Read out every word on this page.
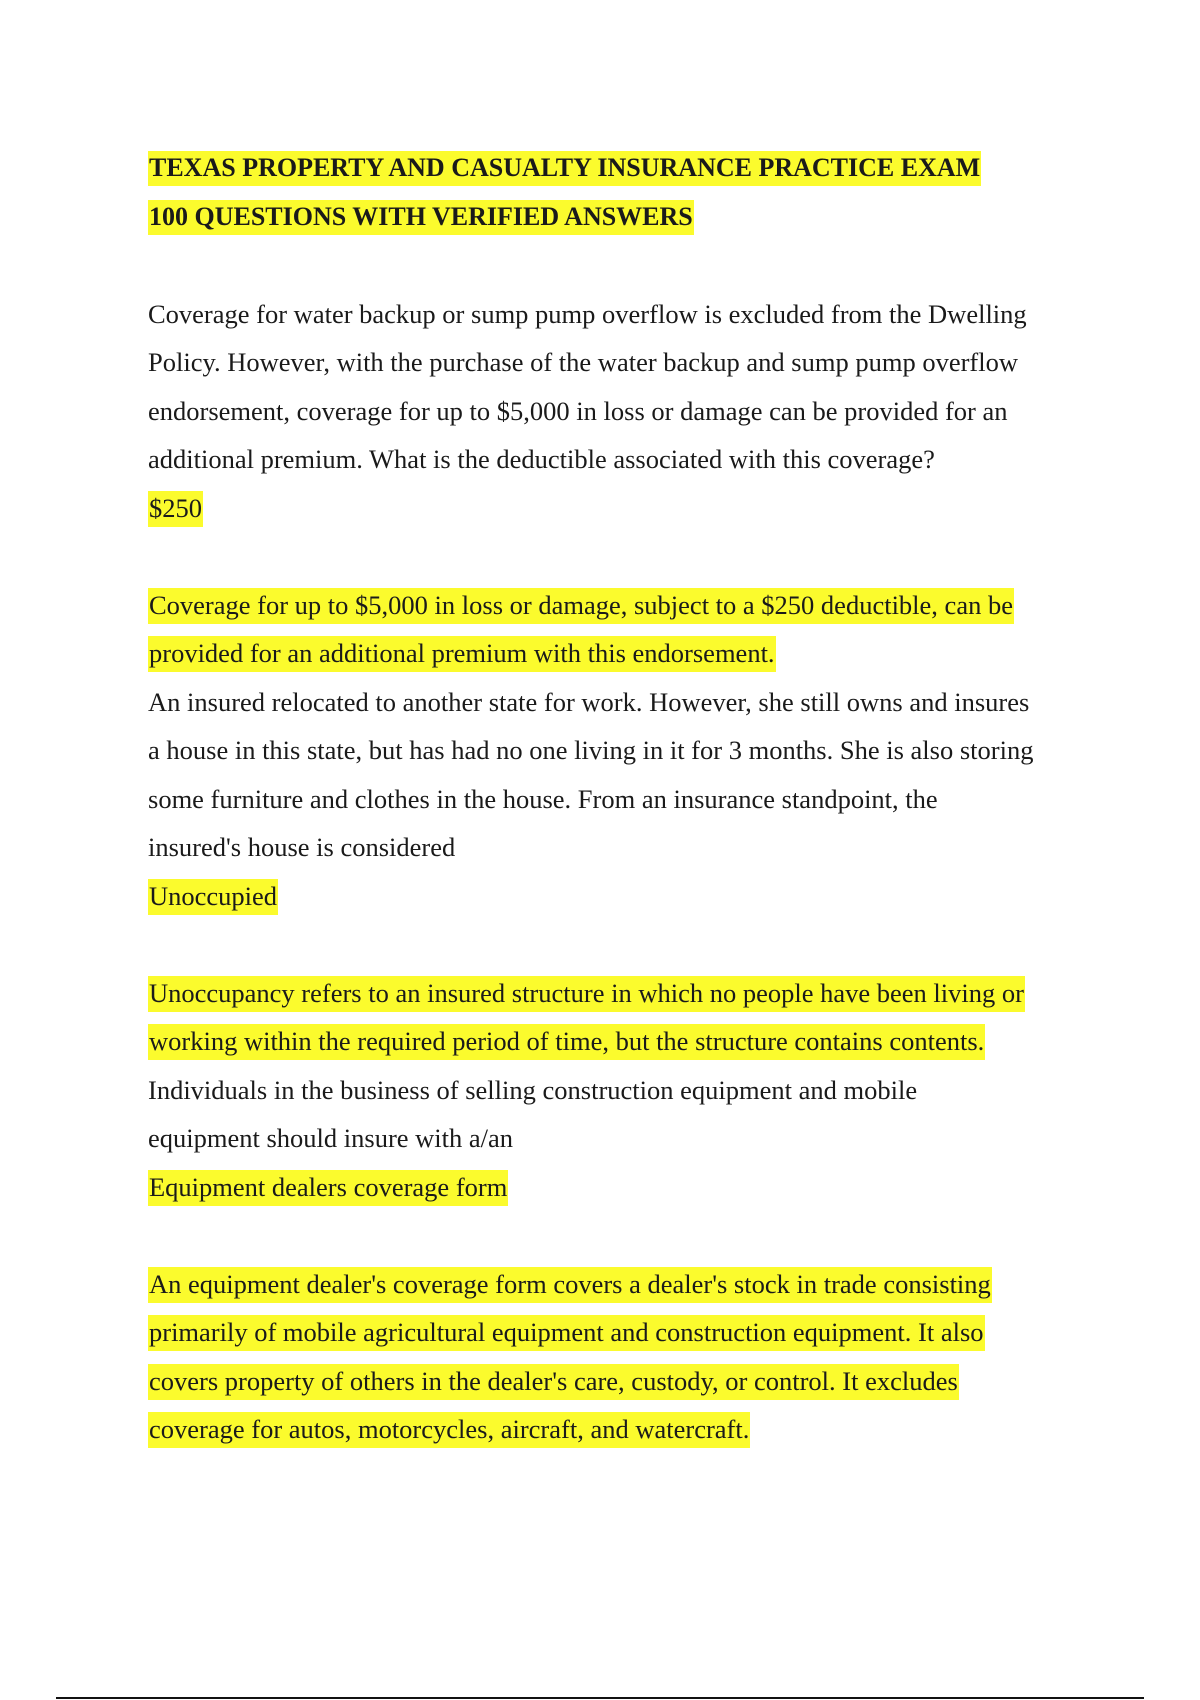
TEXAS PROPERTY AND CASUALTY INSURANCE PRACTICE EXAM
100 QUESTIONS WITH VERIFIED ANSWERS
Coverage for water backup or sump pump overflow is excluded from the Dwelling
Policy. However, with the purchase of the water backup and sump pump overflow
endorsement, coverage for up to $5,000 in loss or damage can be provided for an
additional premium. What is the deductible associated with this coverage?
$250
Coverage for up to $5,000 in loss or damage, subject to a $250 deductible, can be
provided for an additional premium with this endorsement.
An insured relocated to another state for work. However, she still owns and insures
a house in this state, but has had no one living in it for 3 months. She is also storing
some furniture and clothes in the house. From an insurance standpoint, the
insured's house is considered
Unoccupied
Unoccupancy refers to an insured structure in which no people have been living or
working within the required period of time, but the structure contains contents.
Individuals in the business of selling construction equipment and mobile
equipment should insure with a/an
Equipment dealers coverage form
An equipment dealer's coverage form covers a dealer's stock in trade consisting
primarily of mobile agricultural equipment and construction equipment. It also
covers property of others in the dealer's care, custody, or control. It excludes
coverage for autos, motorcycles, aircraft, and watercraft.
